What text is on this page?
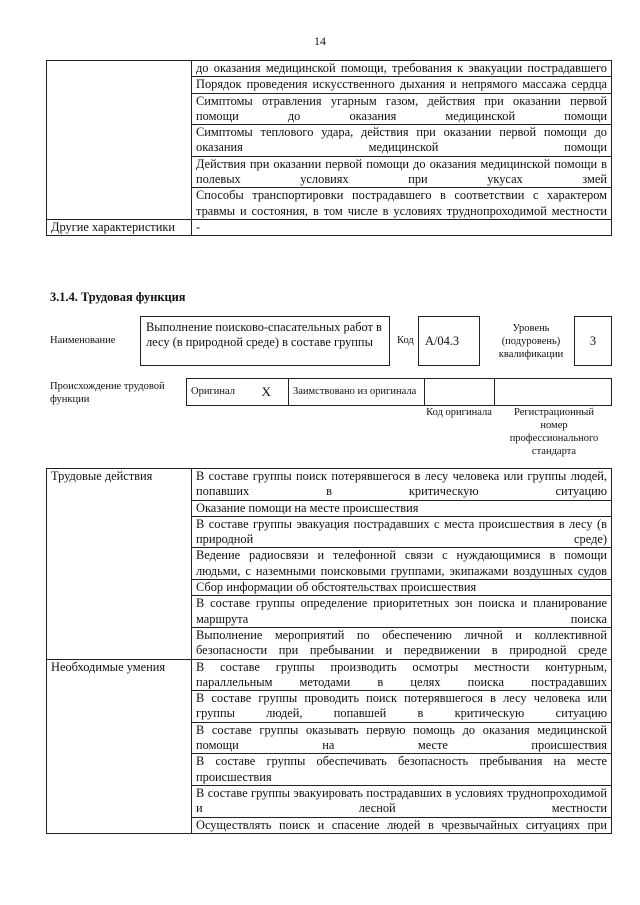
14
	до оказания медицинской помощи, требования к эвакуации пострадавшего
	Порядок проведения искусственного дыхания и непрямого массажа сердца
	Симптомы отравления угарным газом, действия при оказании первой помощи до оказания медицинской помощи
	Симптомы теплового удара, действия при оказании первой помощи до оказания медицинской помощи
	Действия при оказании первой помощи до оказания медицинской помощи в полевых условиях при укусах змей
	Способы транспортировки пострадавшего в соответствии с характером травмы и состояния, в том числе в условиях труднопроходимой местности
Другие характеристики	-
3.1.4. Трудовая функция
Наименование
Выполнение поисково-спасательных работ в лесу (в природной среде) в составе группы	Код A/04.3
Уровень (подуровень) квалификации
3
Происхождение трудовой функции
Оригинал	X	Заимствовано из оригинала		
Код оригинала	Регистрационный номер профессионального стандарта
Трудовые действия	В составе группы поиск потерявшегося в лесу человека или группы людей, попавших в критическую ситуацию
	Оказание помощи на месте происшествия
	В составе группы эвакуация пострадавших с места происшествия в лесу (в природной среде)
	Ведение радиосвязи и телефонной связи с нуждающимися в помощи людьми, с наземными поисковыми группами, экипажами воздушных судов
	Сбор информации об обстоятельствах происшествия
	В составе группы определение приоритетных зон поиска и планирование маршрута поиска
	Выполнение мероприятий по обеспечению личной и коллективной безопасности при пребывании и передвижении в природной среде
Необходимые умения	В составе группы производить осмотры местности контурным, параллельным методами в целях поиска пострадавших
	В составе группы проводить поиск потерявшегося в лесу человека или группы людей, попавшей в критическую ситуацию
	В составе группы оказывать первую помощь до оказания медицинской помощи на месте происшествия
	В составе группы обеспечивать безопасность пребывания на месте происшествия
	В составе группы эвакуировать пострадавших в условиях труднопроходимой и лесной местности
	Осуществлять поиск и спасение людей в чрезвычайных ситуациях при
